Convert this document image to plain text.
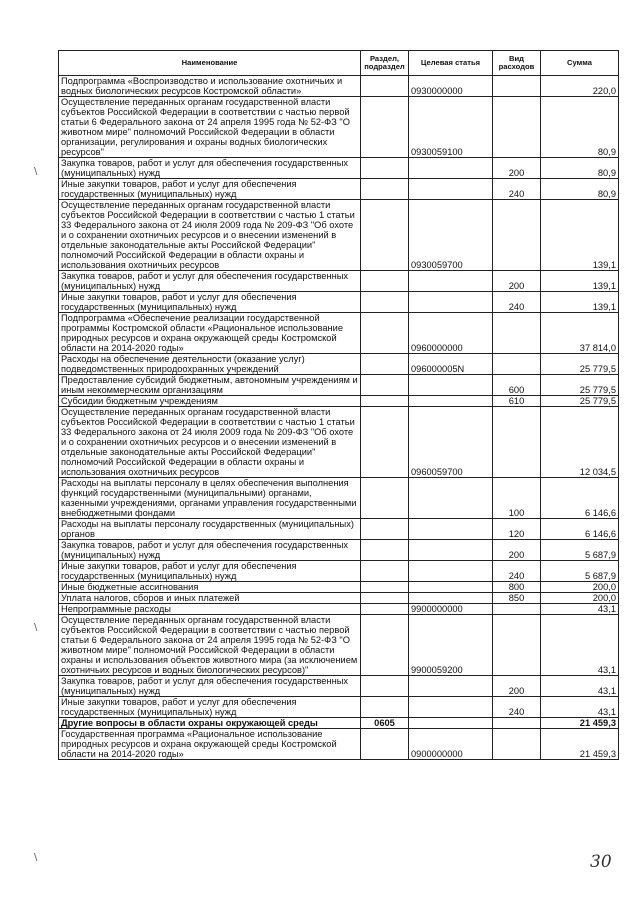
\
\
\
Наименование	Раздел, подраздел	Целевая статья	Вид расходов	Сумма
Подпрограмма «Воспроизводство и использование охотничьих и водных биологических ресурсов Костромской области»		0930000000		220,0
Осуществление переданных органам государственной власти субъектов Российской Федерации в соответствии с частью первой статьи 6 Федерального закона от 24 апреля 1995 года № 52-ФЗ "О животном мире" полномочий Российской Федерации в области организации, регулирования и охраны водных биологических ресурсов"		0930059100		80,9
Закупка товаров, работ и услуг для обеспечения государственных (муниципальных) нужд			200	80,9
Иные закупки товаров, работ и услуг для обеспечения государственных (муниципальных) нужд			240	80,9
Осуществление переданных органам государственной власти субъектов Российской Федерации в соответствии с частью 1 статьи 33 Федерального закона от 24 июля 2009 года № 209-ФЗ "Об охоте и о сохранении охотничьих ресурсов и о внесении изменений в отдельные законодательные акты Российской Федерации" полномочий Российской Федерации в области охраны и использования охотничьих ресурсов		0930059700		139,1
Закупка товаров, работ и услуг для обеспечения государственных (муниципальных) нужд			200	139,1
Иные закупки товаров, работ и услуг для обеспечения государственных (муниципальных) нужд			240	139,1
Подпрограмма «Обеспечение реализации государственной программы Костромской области «Рациональное использование природных ресурсов и охрана окружающей среды Костромской области на 2014-2020 годы»		0960000000		37 814,0
Расходы на обеспечение деятельности (оказание услуг) подведомственных природоохранных учреждений		096000005N		25 779,5
Предоставление субсидий бюджетным, автономным учреждениям и иным некоммерческим организациям			600	25 779,5
Субсидии бюджетным учреждениям			610	25 779,5
Осуществление переданных органам государственной власти субъектов Российской Федерации в соответствии с частью 1 статьи 33 Федерального закона от 24 июля 2009 года № 209-ФЗ "Об охоте и о сохранении охотничьих ресурсов и о внесении изменений в отдельные законодательные акты Российской Федерации" полномочий Российской Федерации в области охраны и использования охотничьих ресурсов		0960059700		12 034,5
Расходы на выплаты персоналу в целях обеспечения выполнения функций государственными (муниципальными) органами, казенными учреждениями, органами управления государственными внебюджетными фондами			100	6 146,6
Расходы на выплаты персоналу государственных (муниципальных) органов			120	6 146,6
Закупка товаров, работ и услуг для обеспечения государственных (муниципальных) нужд			200	5 687,9
Иные закупки товаров, работ и услуг для обеспечения государственных (муниципальных) нужд			240	5 687,9
Иные бюджетные ассигнования			800	200,0
Уплата налогов, сборов и иных платежей			850	200,0
Непрограммные расходы		9900000000		43,1
Осуществление переданных органам государственной власти субъектов Российской Федерации в соответствии с частью первой статьи 6 Федерального закона от 24 апреля 1995 года № 52-ФЗ "О животном мире" полномочий Российской Федерации в области охраны и использования объектов животного мира (за исключением охотничьих ресурсов и водных биологических ресурсов)"		9900059200		43,1
Закупка товаров, работ и услуг для обеспечения государственных (муниципальных) нужд			200	43,1
Иные закупки товаров, работ и услуг для обеспечения государственных (муниципальных) нужд			240	43,1
Другие вопросы в области охраны окружающей среды	0605			21 459,3
Государственная программа «Рациональное использование природных ресурсов и охрана окружающей среды Костромской области на 2014-2020 годы»		0900000000		21 459,3
30
